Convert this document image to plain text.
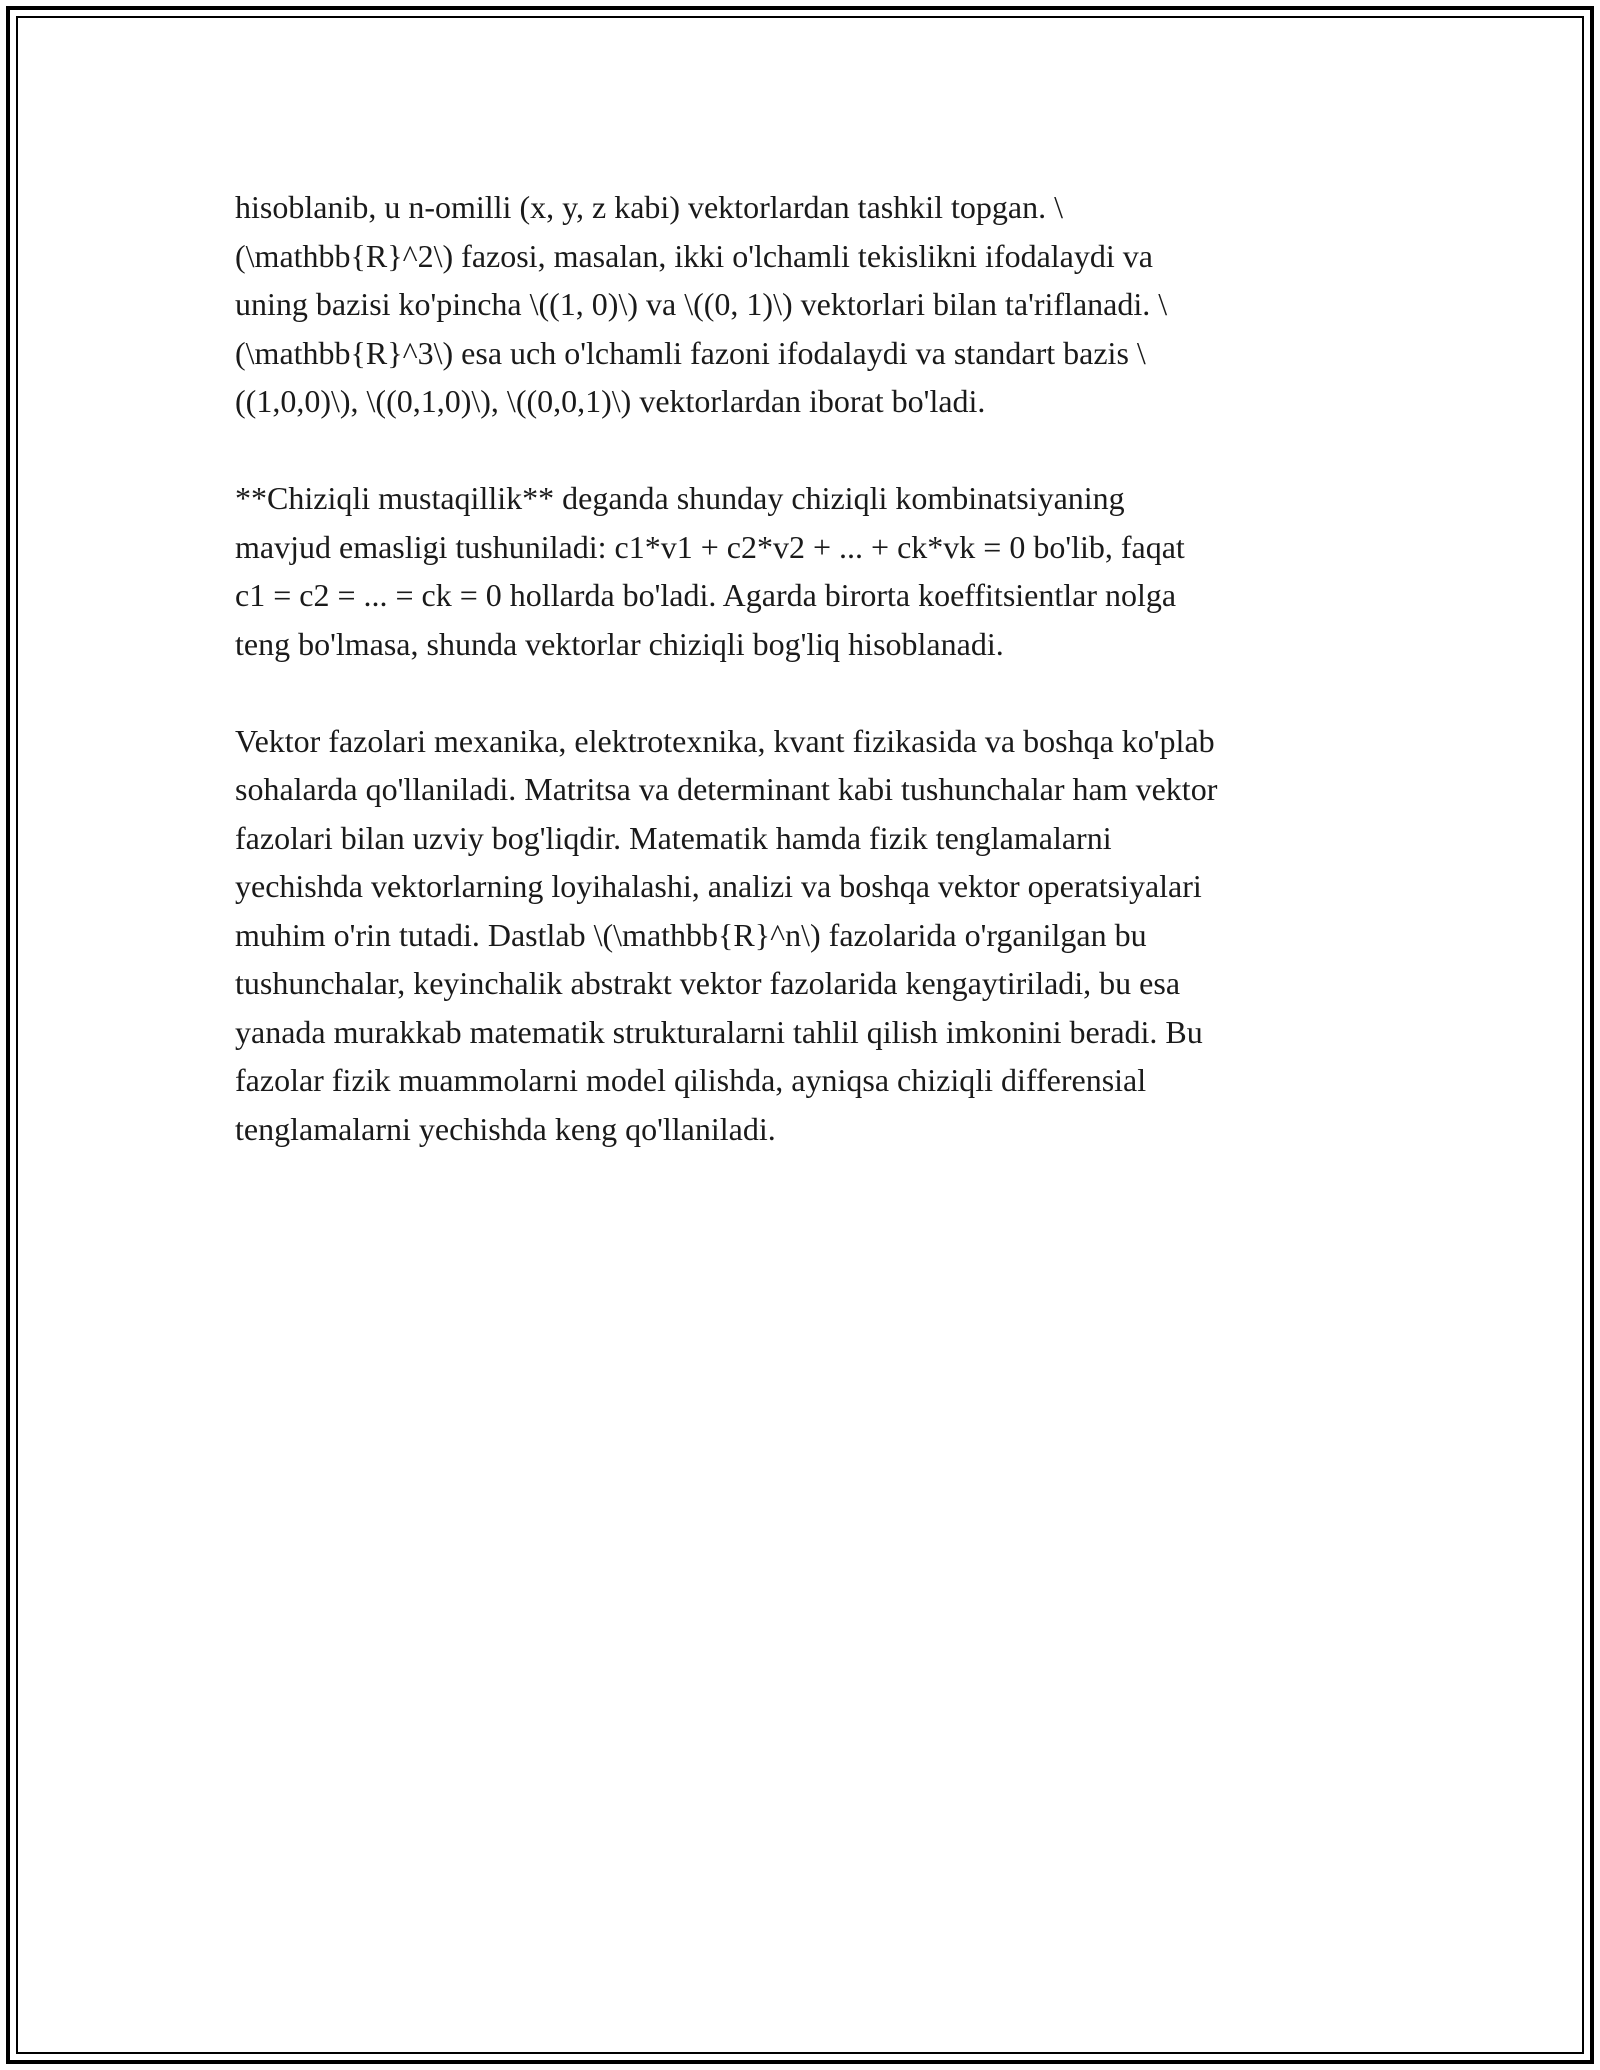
hisoblanib, u n-omilli (x, y, z kabi) vektorlardan tashkil topgan. \
(\mathbb{R}^2\) fazosi, masalan, ikki o'lchamli tekislikni ifodalaydi va
uning bazisi ko'pincha \((1, 0)\) va \((0, 1)\) vektorlari bilan ta'riflanadi. \
(\mathbb{R}^3\) esa uch o'lchamli fazoni ifodalaydi va standart bazis \
((1,0,0)\), \((0,1,0)\), \((0,0,1)\) vektorlardan iborat bo'ladi.

**Chiziqli mustaqillik** deganda shunday chiziqli kombinatsiyaning
mavjud emasligi tushuniladi: c1*v1 + c2*v2 + ... + ck*vk = 0 bo'lib, faqat
c1 = c2 = ... = ck = 0 hollarda bo'ladi. Agarda birorta koeffitsientlar nolga
teng bo'lmasa, shunda vektorlar chiziqli bog'liq hisoblanadi.

Vektor fazolari mexanika, elektrotexnika, kvant fizikasida va boshqa ko'plab
sohalarda qo'llaniladi. Matritsa va determinant kabi tushunchalar ham vektor
fazolari bilan uzviy bog'liqdir. Matematik hamda fizik tenglamalarni
yechishda vektorlarning loyihalashi, analizi va boshqa vektor operatsiyalari
muhim o'rin tutadi. Dastlab \(\mathbb{R}^n\) fazolarida o'rganilgan bu
tushunchalar, keyinchalik abstrakt vektor fazolarida kengaytiriladi, bu esa
yanada murakkab matematik strukturalarni tahlil qilish imkonini beradi. Bu
fazolar fizik muammolarni model qilishda, ayniqsa chiziqli differensial
tenglamalarni yechishda keng qo'llaniladi.
